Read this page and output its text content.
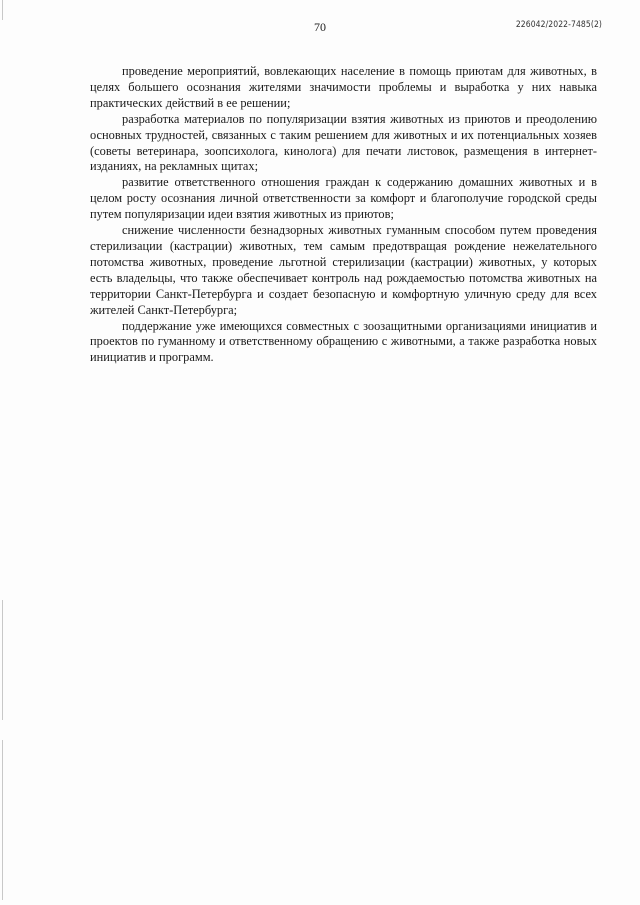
70	226042/2022-7485(2)

проведение мероприятий, вовлекающих население в помощь приютам для животных, в целях большего осознания жителями значимости проблемы и выработка у них навыка практических действий в ее решении;

разработка материалов по популяризации взятия животных из приютов и преодолению основных трудностей, связанных с таким решением для животных и их потенциальных хозяев (советы ветеринара, зоопсихолога, кинолога) для печати листовок, размещения в интернет-изданиях, на рекламных щитах;

развитие ответственного отношения граждан к содержанию домашних животных и в целом росту осознания личной ответственности за комфорт и благополучие городской среды путем популяризации идеи взятия животных из приютов;

снижение численности безнадзорных животных гуманным способом путем проведения стерилизации (кастрации) животных, тем самым предотвращая рождение нежелательного потомства животных, проведение льготной стерилизации (кастрации) животных, у которых есть владельцы, что также обеспечивает контроль над рождаемостью потомства животных на территории Санкт-Петербурга и создает безопасную и комфортную уличную среду для всех жителей Санкт-Петербурга;

поддержание уже имеющихся совместных с зоозащитными организациями инициатив и проектов по гуманному и ответственному обращению с животными, а также разработка новых инициатив и программ.
